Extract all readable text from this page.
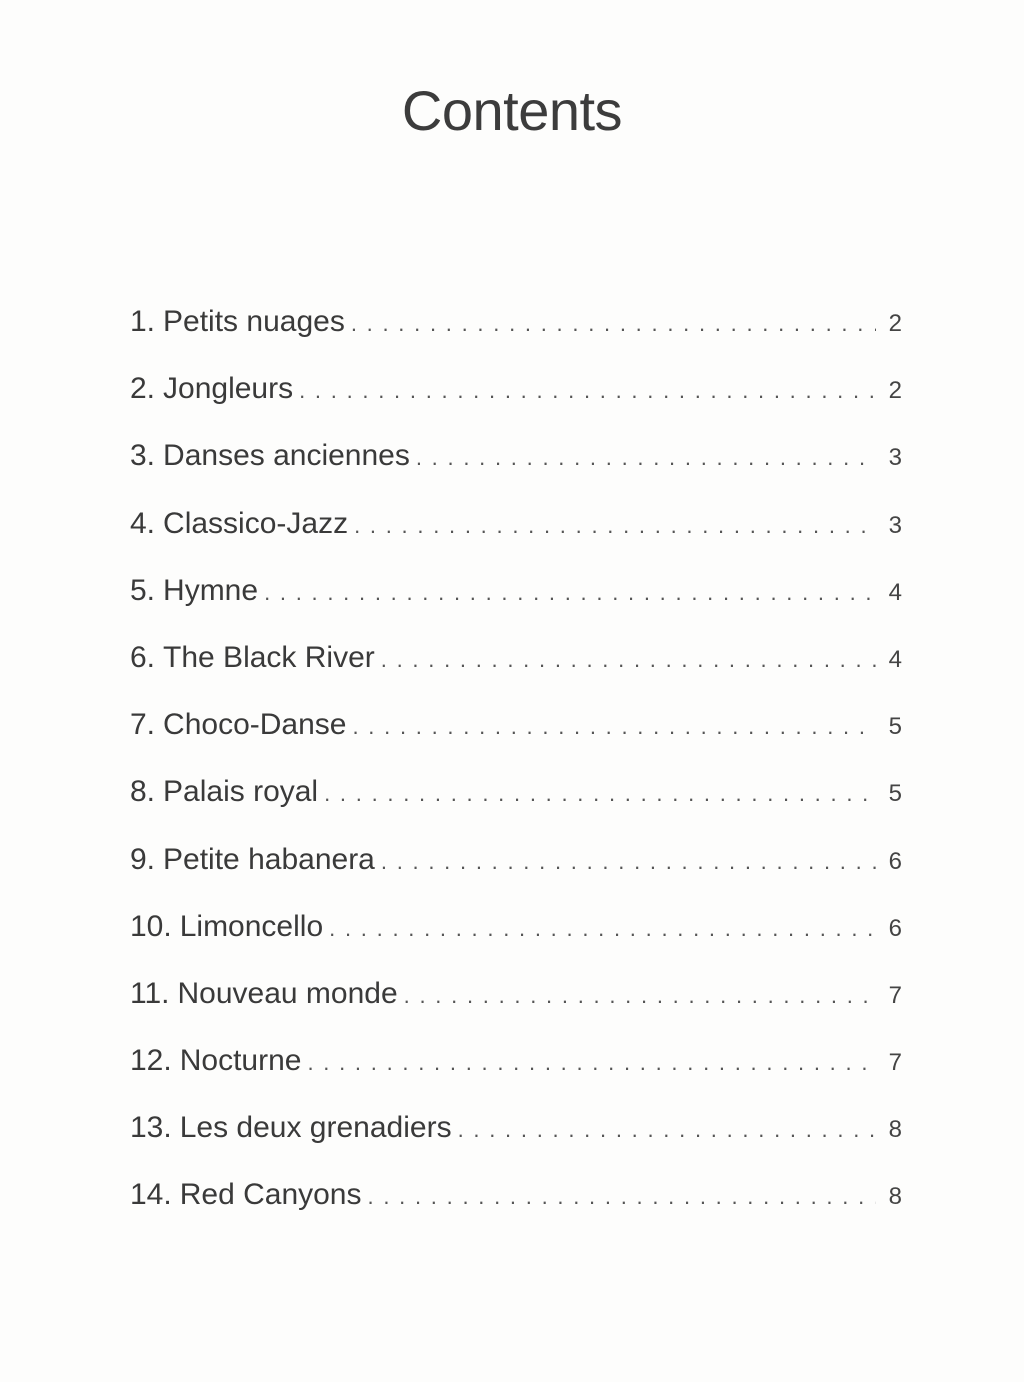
Contents
1. Petits nuages . . .	2
2. Jongleurs . . .	2
3. Danses anciennes . . .	3
4. Classico-Jazz . . .	3
5. Hymne . . .	4
6. The Black River . . .	4
7. Choco-Danse . . .	5
8. Palais royal . . .	5
9. Petite habanera . . .	6
10. Limoncello . . .	6
11. Nouveau monde . . .	7
12. Nocturne . . .	7
13. Les deux grenadiers . . .	8
14. Red Canyons . . .	8
